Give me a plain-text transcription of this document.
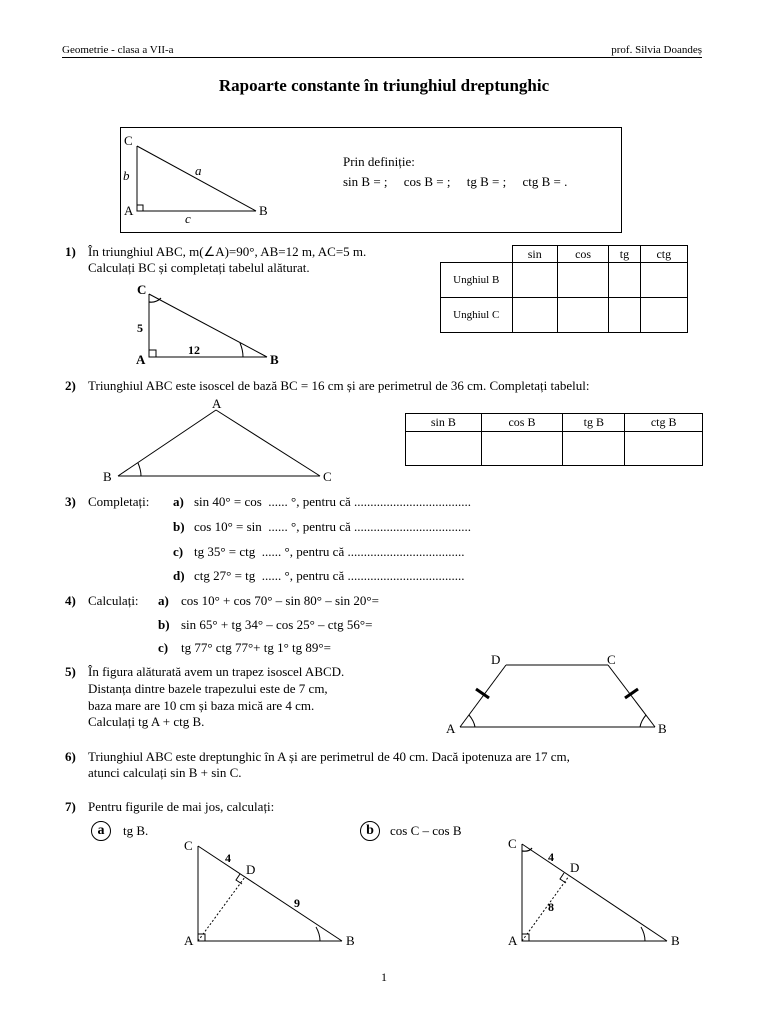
Geometrie - clasa a VII-a	prof. Silvia Doandeș
Rapoarte constante în triunghiul dreptunghic
C
A	B
a
b
c
Prin definiție:
sin B = ;     cos B = ;     tg B = ;     ctg B = .
1) În triunghiul ABC, m(∠A)=90°, AB=12 m, AC=5 m.
Calculați BC și completați tabelul alăturat.
C
A	B
5
12
	sin	cos	tg	ctg
Unghiul B				
Unghiul C				
2) Triunghiul ABC este isoscel de bază BC = 16 cm și are perimetrul de 36 cm. Completați tabelul:
A
B	C
sin B	cos B	tg B	ctg B

3) Completați: a) sin 40° = cos  ...... °, pentru că ....................................
b) cos 10° = sin  ...... °, pentru că ....................................
c) tg 35° = ctg  ...... °, pentru că ....................................
d) ctg 27° = tg  ...... °, pentru că ....................................
4) Calculați: a) cos 10° + cos 70° – sin 80° – sin 20°=
b) sin 65° + tg 34° – cos 25° – ctg 56°=
c) tg 77° ctg 77°+ tg 1° tg 89°=
5) În figura alăturată avem un trapez isoscel ABCD.
Distanța dintre bazele trapezului este de 7 cm,
baza mare are 10 cm și baza mică are 4 cm.
Calculați tg A + ctg B.	A	B
C
D
6) Triunghiul ABC este dreptunghic în A și are perimetrul de 40 cm. Dacă ipotenuza are 17 cm,
atunci calculați sin B + sin C.
7) Pentru figurile de mai jos, calculați:
a	tg B.	b	cos C – cos B
C
A	B
D
4
9
C
A	B
D
4
8
1
